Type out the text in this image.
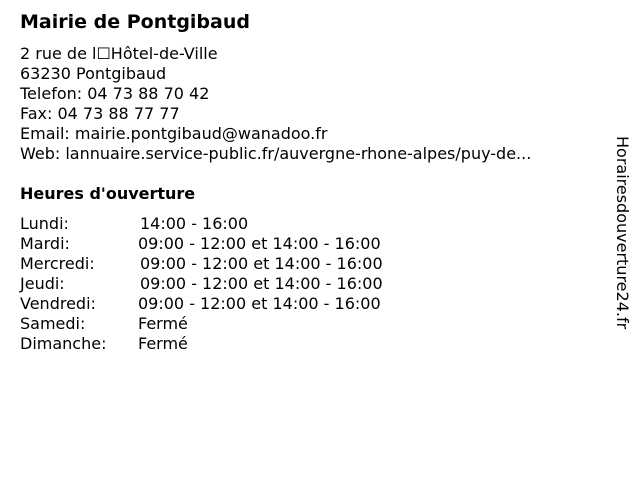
Mairie de Pontgibaud
2 rue de l☐Hôtel-de-Ville
63230 Pontgibaud
Telefon: 04 73 88 70 42
Fax: 04 73 88 77 77
Email: mairie.pontgibaud@wanadoo.fr
Web: lannuaire.service-public.fr/auvergne-rhone-alpes/puy-de...
Heures d'ouverture
Lundi:	14:00 - 16:00
Mardi:	09:00 - 12:00 et 14:00 - 16:00
Mercredi:	09:00 - 12:00 et 14:00 - 16:00
Jeudi:	09:00 - 12:00 et 14:00 - 16:00
Vendredi:	09:00 - 12:00 et 14:00 - 16:00
Samedi:	Fermé
Dimanche: Fermé
Horairesdouverture24.fr
